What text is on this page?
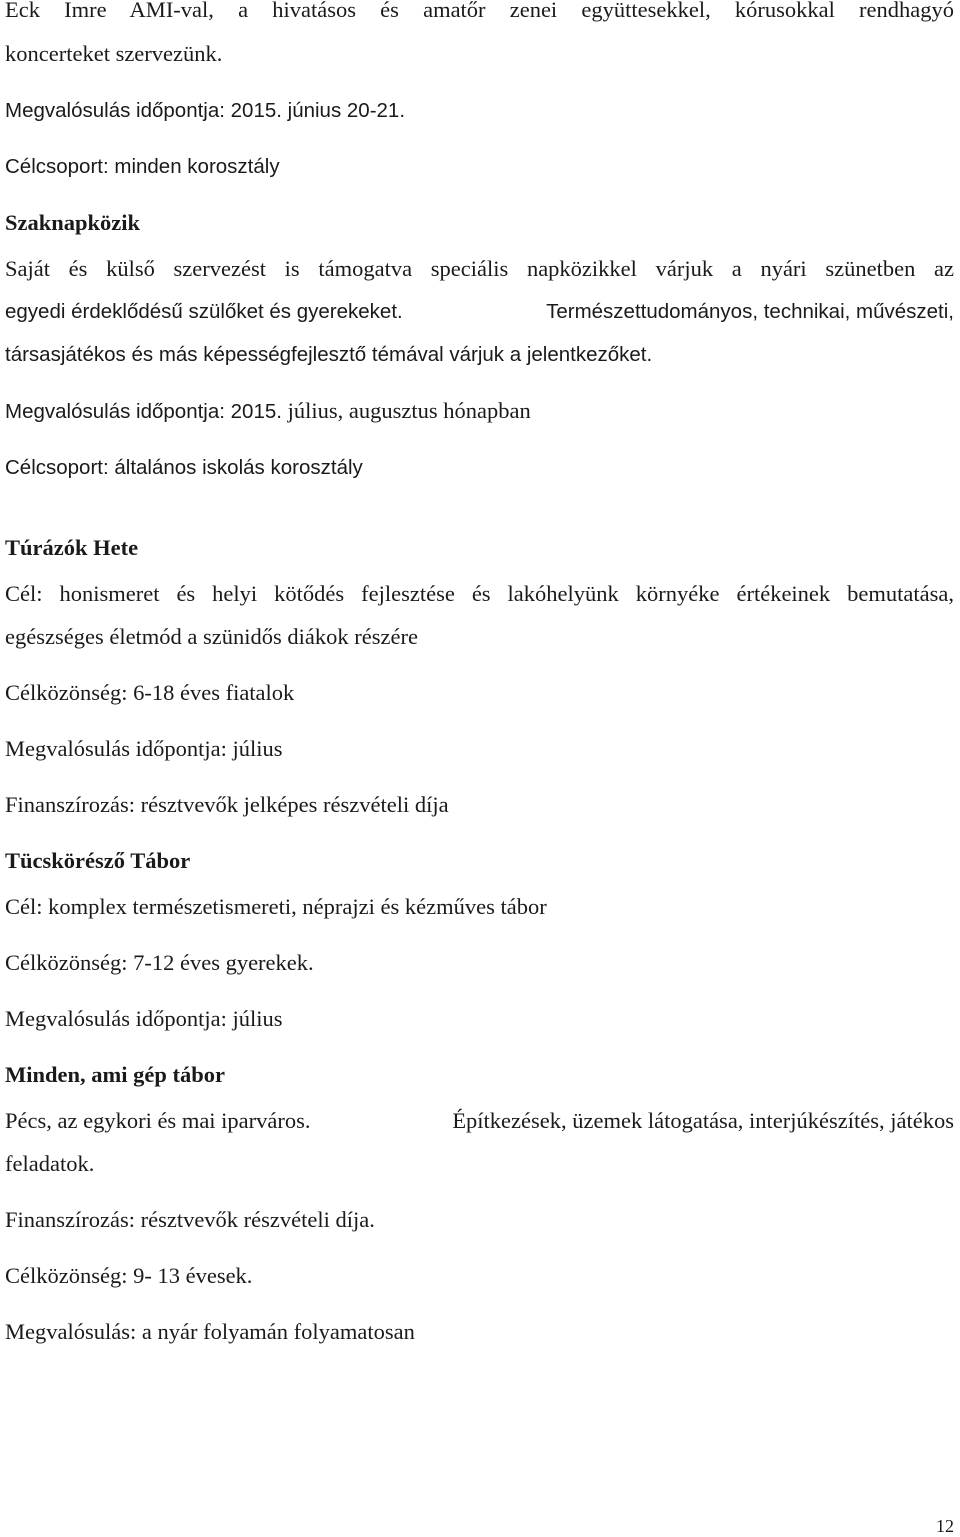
Eck Imre AMI-val, a hivatásos és amatőr zenei együttesekkel, kórusokkal rendhagyó
koncerteket szervezünk.
Megvalósulás időpontja: 2015. június 20-21.
Célcsoport: minden korosztály
Szaknapközik
Saját és külső szervezést is támogatva speciális napközikkel várjuk a nyári szünetben az
egyedi érdeklődésű szülőket és gyerekeket.	Természettudományos, technikai, művészeti,
társasjátékos és más képességfejlesztő témával várjuk a jelentkezőket.
Megvalósulás időpontja: 2015. július, augusztus hónapban
Célcsoport: általános iskolás korosztály
Túrázók Hete
Cél: honismeret és helyi kötődés fejlesztése és lakóhelyünk környéke értékeinek bemutatása,
egészséges életmód a szünidős diákok részére
Célközönség: 6-18 éves fiatalok
Megvalósulás időpontja: július
Finanszírozás: résztvevők jelképes részvételi díja
Tücskörésző Tábor
Cél: komplex természetismereti, néprajzi és kézműves tábor
Célközönség: 7-12 éves gyerekek.
Megvalósulás időpontja: július
Minden, ami gép tábor
Pécs, az egykori és mai iparváros.	Építkezések, üzemek látogatása, interjúkészítés, játékos
feladatok.
Finanszírozás: résztvevők részvételi díja.
Célközönség: 9- 13 évesek.
Megvalósulás: a nyár folyamán folyamatosan
12
